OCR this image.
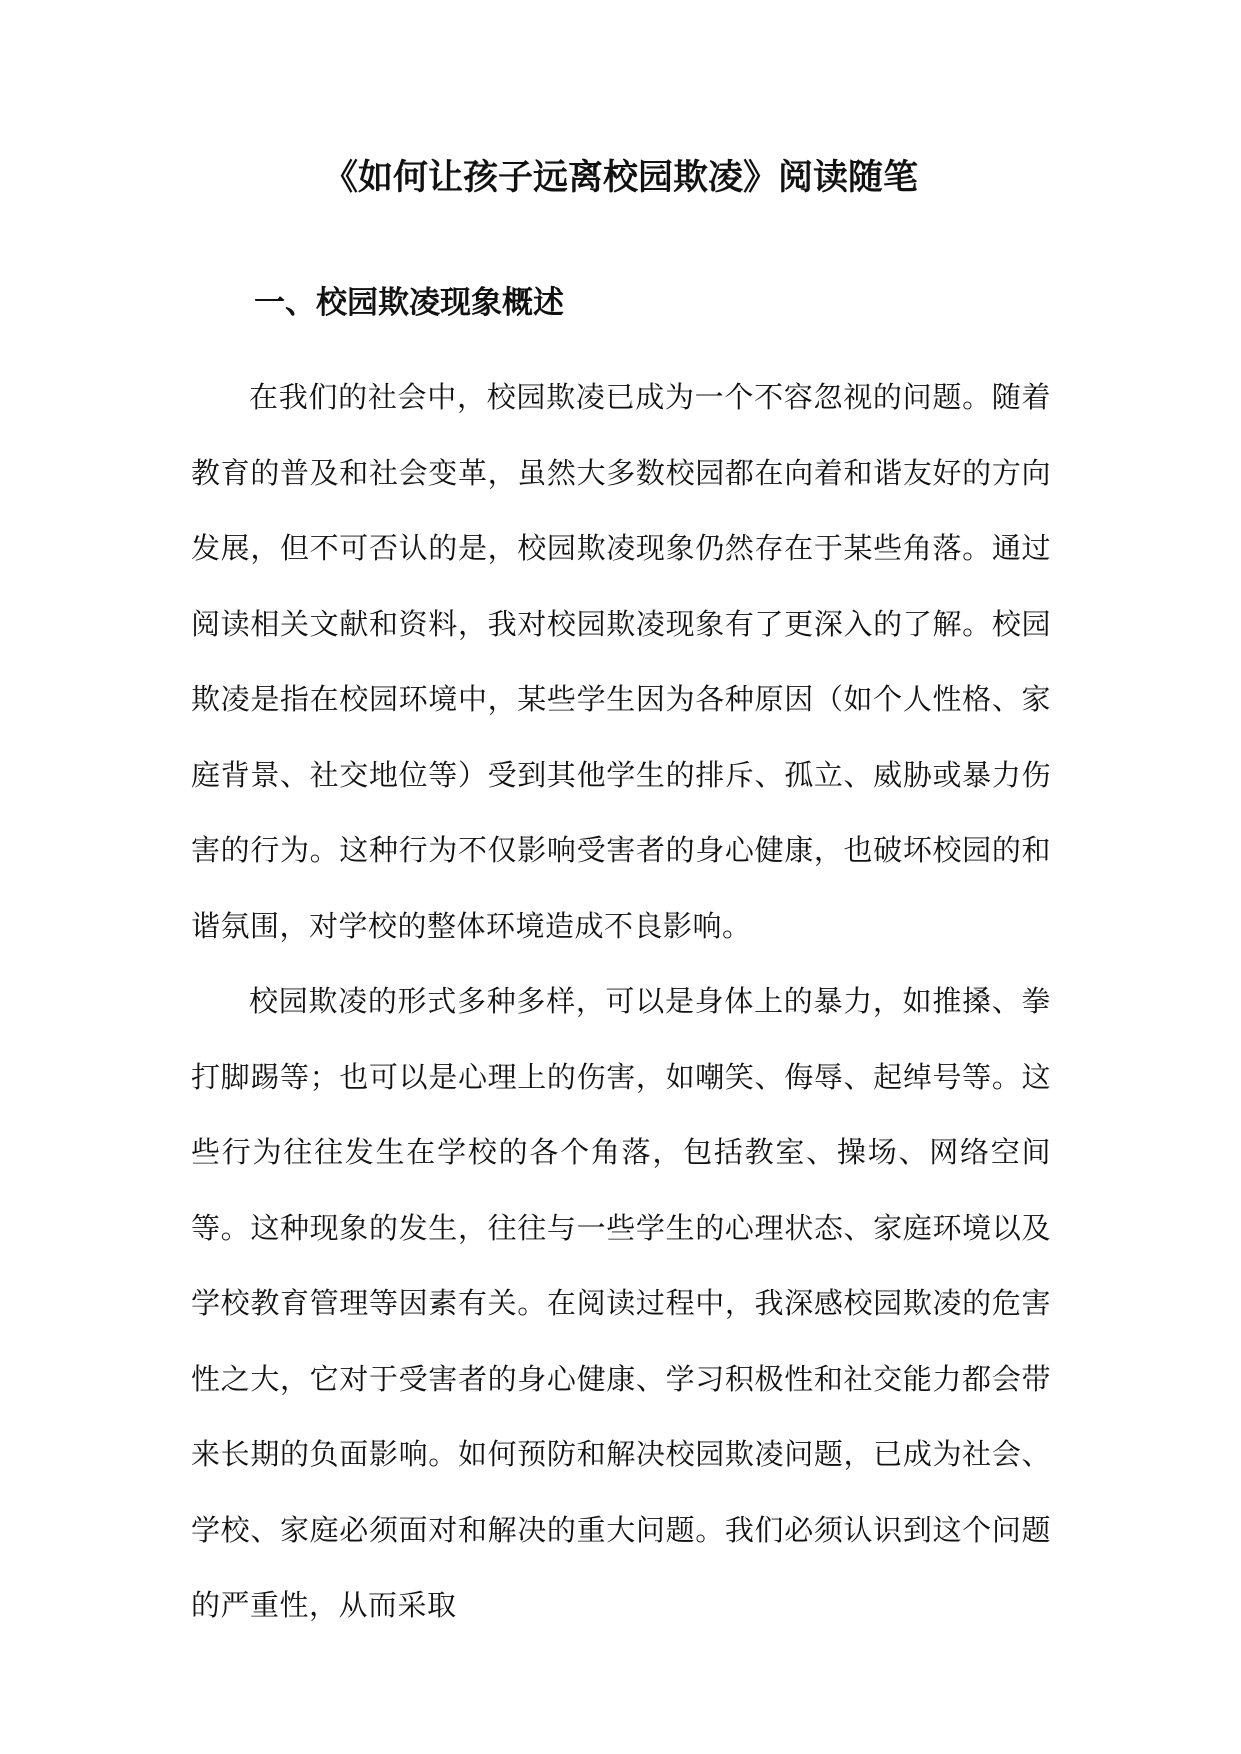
《如何让孩子远离校园欺凌》阅读随笔
一、校园欺凌现象概述

在我们的社会中，校园欺凌已成为一个不容忽视的问题。随着教育的普及和社会变革，虽然大多数校园都在向着和谐友好的方向发展，但不可否认的是，校园欺凌现象仍然存在于某些角落。通过阅读相关文献和资料，我对校园欺凌现象有了更深入的了解。校园欺凌是指在校园环境中，某些学生因为各种原因（如个人性格、家庭背景、社交地位等）受到其他学生的排斥、孤立、威胁或暴力伤害的行为。这种行为不仅影响受害者的身心健康，也破坏校园的和谐氛围，对学校的整体环境造成不良影响。

校园欺凌的形式多种多样，可以是身体上的暴力，如推搡、拳打脚踢等；也可以是心理上的伤害，如嘲笑、侮辱、起绰号等。这些行为往往发生在学校的各个角落，包括教室、操场、网络空间等。这种现象的发生，往往与一些学生的心理状态、家庭环境以及学校教育管理等因素有关。在阅读过程中，我深感校园欺凌的危害性之大，它对于受害者的身心健康、学习积极性和社交能力都会带来长期的负面影响。如何预防和解决校园欺凌问题，已成为社会、学校、家庭必须面对和解决的重大问题。我们必须认识到这个问题的严重性，从而采取
